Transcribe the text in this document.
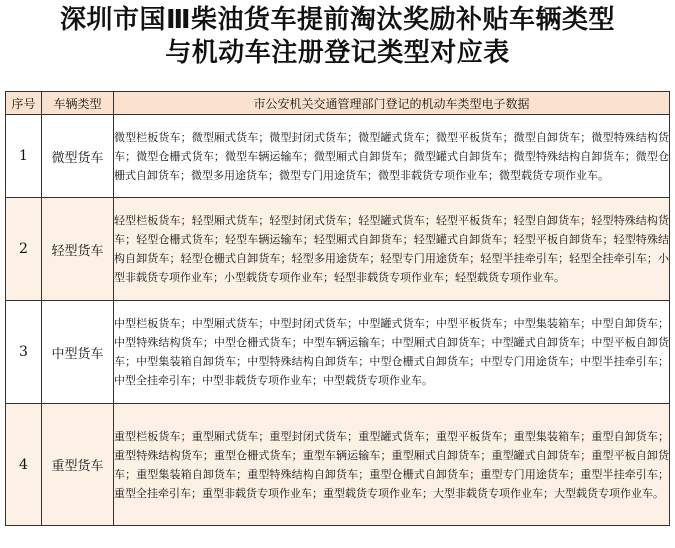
深圳市国Ⅲ柴油货车提前淘汰奖励补贴车辆类型
与机动车注册登记类型对应表
序号	车辆类型	市公安机关交通管理部门登记的机动车类型电子数据
1	微型货车	微型栏板货车；微型厢式货车；微型封闭式货车；微型罐式货车；微型平板货车；微型自卸货车；微型特殊结构货车；微型仓栅式货车；微型车辆运输车；微型厢式自卸货车；微型罐式自卸货车；微型特殊结构自卸货车；微型仓栅式自卸货车；微型多用途货车；微型专门用途货车；微型非载货专项作业车；微型载货专项作业车。
2	轻型货车	轻型栏板货车；轻型厢式货车；轻型封闭式货车；轻型罐式货车；轻型平板货车；轻型自卸货车；轻型特殊结构货车；轻型仓栅式货车；轻型车辆运输车；轻型厢式自卸货车；轻型罐式自卸货车；轻型平板自卸货车；轻型特殊结构自卸货车；轻型仓栅式自卸货车；轻型多用途货车；轻型专门用途货车；轻型半挂牵引车；轻型全挂牵引车；小型非载货专项作业车；小型载货专项作业车；轻型非载货专项作业车；轻型载货专项作业车。
3	中型货车	中型栏板货车；中型厢式货车；中型封闭式货车；中型罐式货车；中型平板货车；中型集装箱车；中型自卸货车；中型特殊结构货车；中型仓栅式货车；中型车辆运输车；中型厢式自卸货车；中型罐式自卸货车；中型平板自卸货车；中型集装箱自卸货车；中型特殊结构自卸货车；中型仓栅式自卸货车；中型专门用途货车；中型半挂牵引车；中型全挂牵引车；中型非载货专项作业车；中型载货专项作业车。
4	重型货车	重型栏板货车；重型厢式货车；重型封闭式货车；重型罐式货车；重型平板货车；重型集装箱车；重型自卸货车；重型特殊结构货车；重型仓栅式货车；重型车辆运输车；重型厢式自卸货车；重型罐式自卸货车；重型平板自卸货车；重型集装箱自卸货车；重型特殊结构自卸货车；重型仓栅式自卸货车；重型专门用途货车；重型半挂牵引车；重型全挂牵引车；重型非载货专项作业车；重型载货专项作业车；大型非载货专项作业车；大型载货专项作业车。
